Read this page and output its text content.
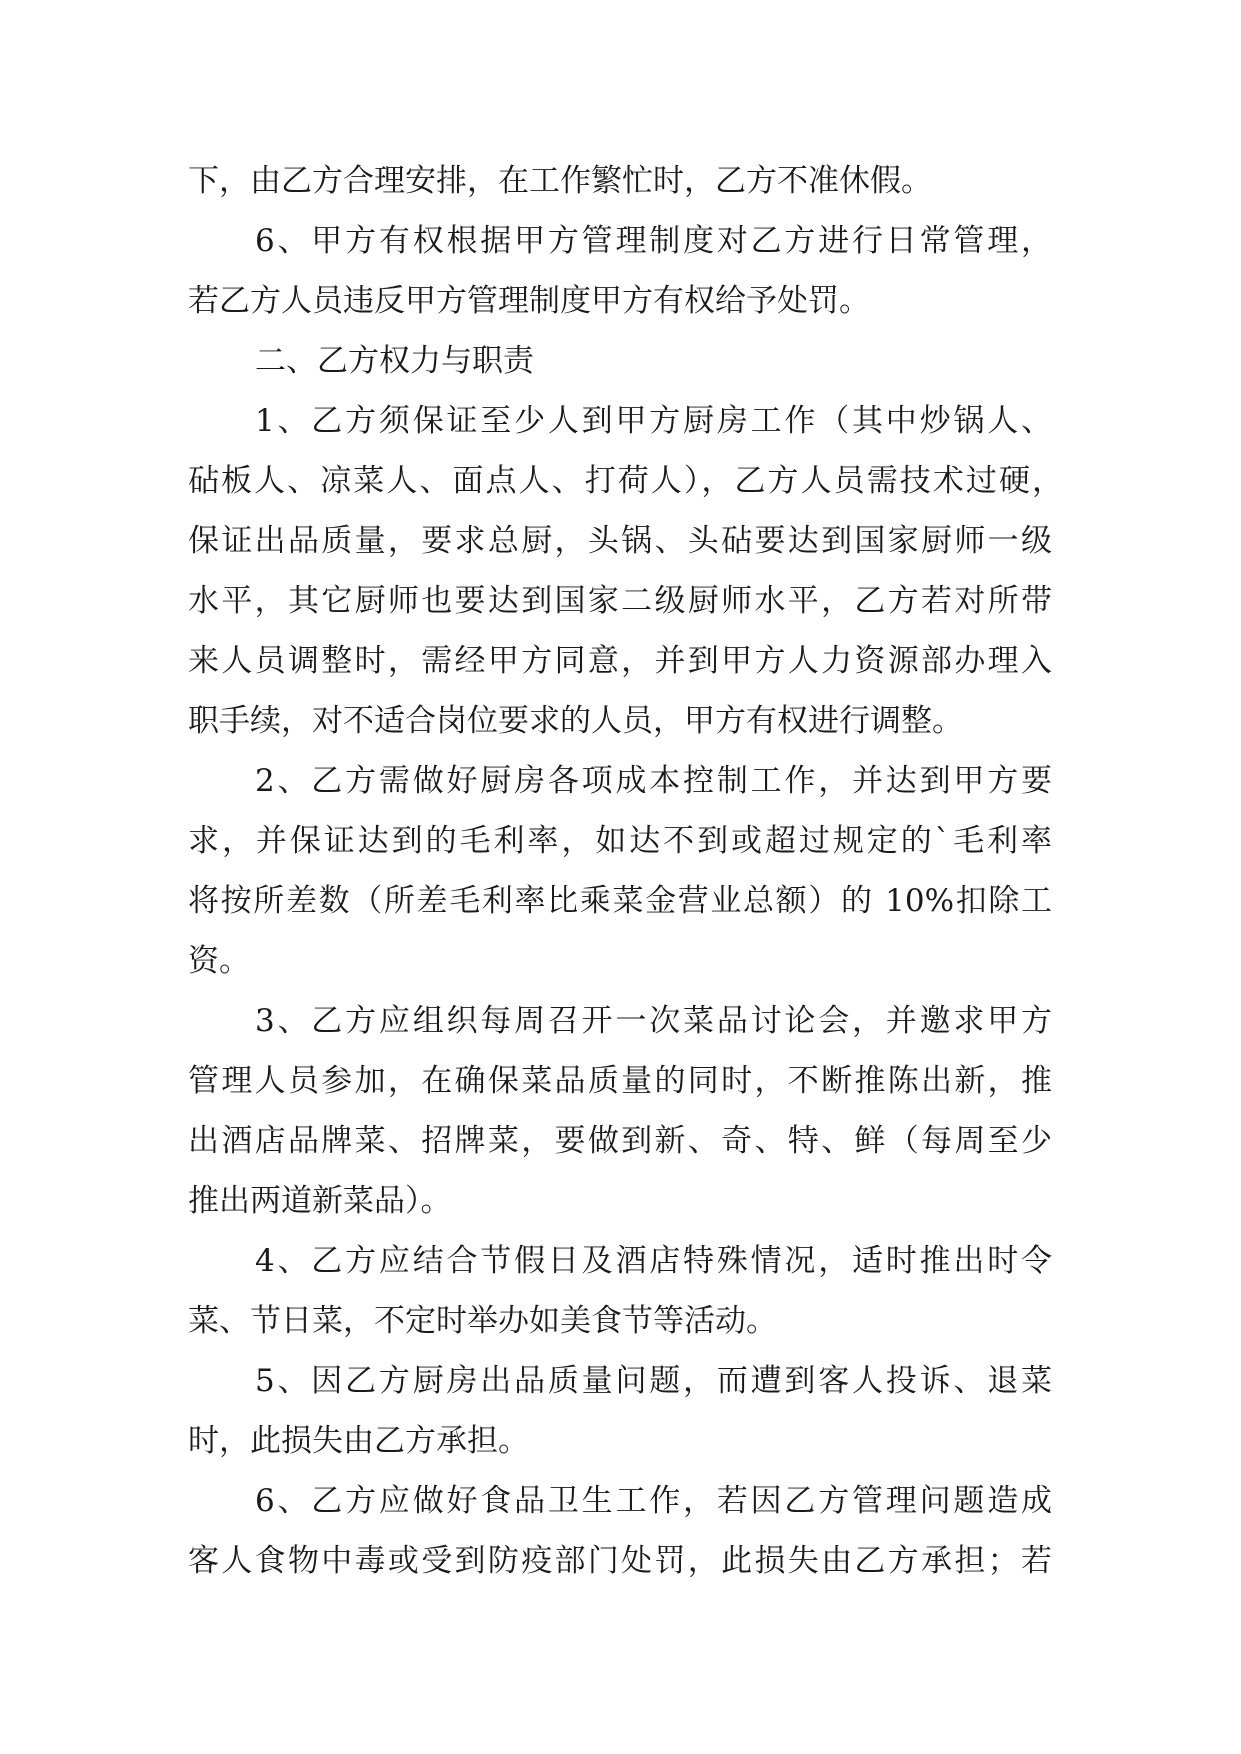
下，由乙方合理安排，在工作繁忙时，乙方不准休假。
6、甲方有权根据甲方管理制度对乙方进行日常管理，
若乙方人员违反甲方管理制度甲方有权给予处罚。
二、乙方权力与职责
1、乙方须保证至少人到甲方厨房工作（其中炒锅人、
砧板人、凉菜人、面点人、打荷人），乙方人员需技术过硬，
保证出品质量，要求总厨，头锅、头砧要达到国家厨师一级
水平，其它厨师也要达到国家二级厨师水平，乙方若对所带
来人员调整时，需经甲方同意，并到甲方人力资源部办理入
职手续，对不适合岗位要求的人员，甲方有权进行调整。
2、乙方需做好厨房各项成本控制工作，并达到甲方要
求，并保证达到的毛利率，如达不到或超过规定的`毛利率
将按所差数（所差毛利率比乘菜金营业总额）的 10%扣除工
资。
3、乙方应组织每周召开一次菜品讨论会，并邀求甲方
管理人员参加，在确保菜品质量的同时，不断推陈出新，推
出酒店品牌菜、招牌菜，要做到新、奇、特、鲜（每周至少
推出两道新菜品）。
4、乙方应结合节假日及酒店特殊情况，适时推出时令
菜、节日菜，不定时举办如美食节等活动。
5、因乙方厨房出品质量问题，而遭到客人投诉、退菜
时，此损失由乙方承担。
6、乙方应做好食品卫生工作，若因乙方管理问题造成
客人食物中毒或受到防疫部门处罚，此损失由乙方承担；若
